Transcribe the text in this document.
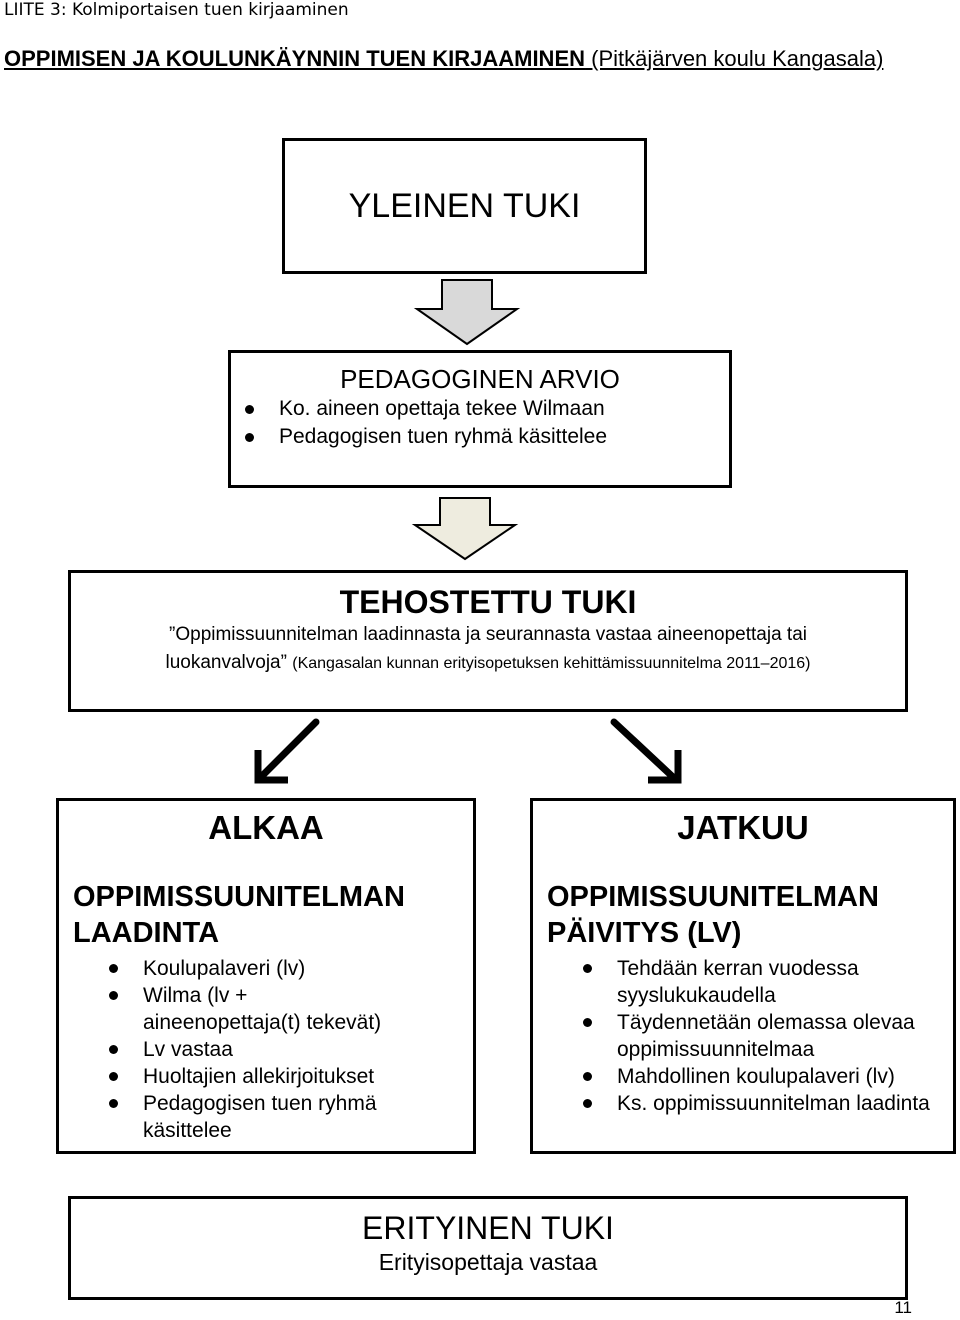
LIITE 3: Kolmiportaisen tuen kirjaaminen
OPPIMISEN JA KOULUNKÄYNNIN TUEN KIRJAAMINEN (Pitkäjärven koulu Kangasala)
YLEINEN TUKI
PEDAGOGINEN ARVIO
Ko. aineen opettaja tekee Wilmaan
Pedagogisen tuen ryhmä käsittelee
TEHOSTETTU TUKI
”Oppimissuunnitelman laadinnasta ja seurannasta vastaa aineenopettaja tai
luokanvalvoja” (Kangasalan kunnan erityisopetuksen kehittämissuunnitelma 2011–2016)
ALKAA
OPPIMISSUUNITELMAN
LAADINTA
Koulupalaveri (lv)
Wilma (lv + aineenopettaja(t) tekevät)
Lv vastaa
Huoltajien allekirjoitukset
Pedagogisen tuen ryhmä käsittelee
JATKUU
OPPIMISSUUNITELMAN
PÄIVITYS (LV)
Tehdään kerran vuodessa syyslukukaudella
Täydennetään olemassa olevaa oppimissuunnitelmaa
Mahdollinen koulupalaveri (lv)
Ks. oppimissuunnitelman laadinta
ERITYINEN TUKI
Erityisopettaja vastaa
11
